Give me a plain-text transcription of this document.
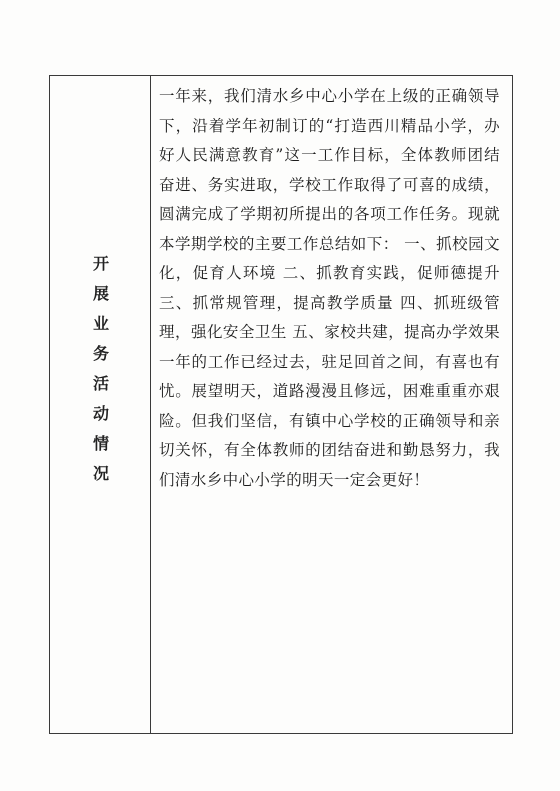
开展业务活动情况

一年来，我们清水乡中心小学在上级的正确领导下，沿着学年初制订的“打造西川精品小学，办好人民满意教育”这一工作目标，全体教师团结奋进、务实进取，学校工作取得了可喜的成绩，圆满完成了学期初所提出的各项工作任务。现就本学期学校的主要工作总结如下： 一、抓校园文化，促育人环境 二、抓教育实践，促师德提升 三、抓常规管理，提高教学质量 四、抓班级管理，强化安全卫生 五、家校共建，提高办学效果 一年的工作已经过去，驻足回首之间，有喜也有忧。展望明天，道路漫漫且修远，困难重重亦艰险。但我们坚信，有镇中心学校的正确领导和亲切关怀，有全体教师的团结奋进和勤恳努力，我们清水乡中心小学的明天一定会更好！
